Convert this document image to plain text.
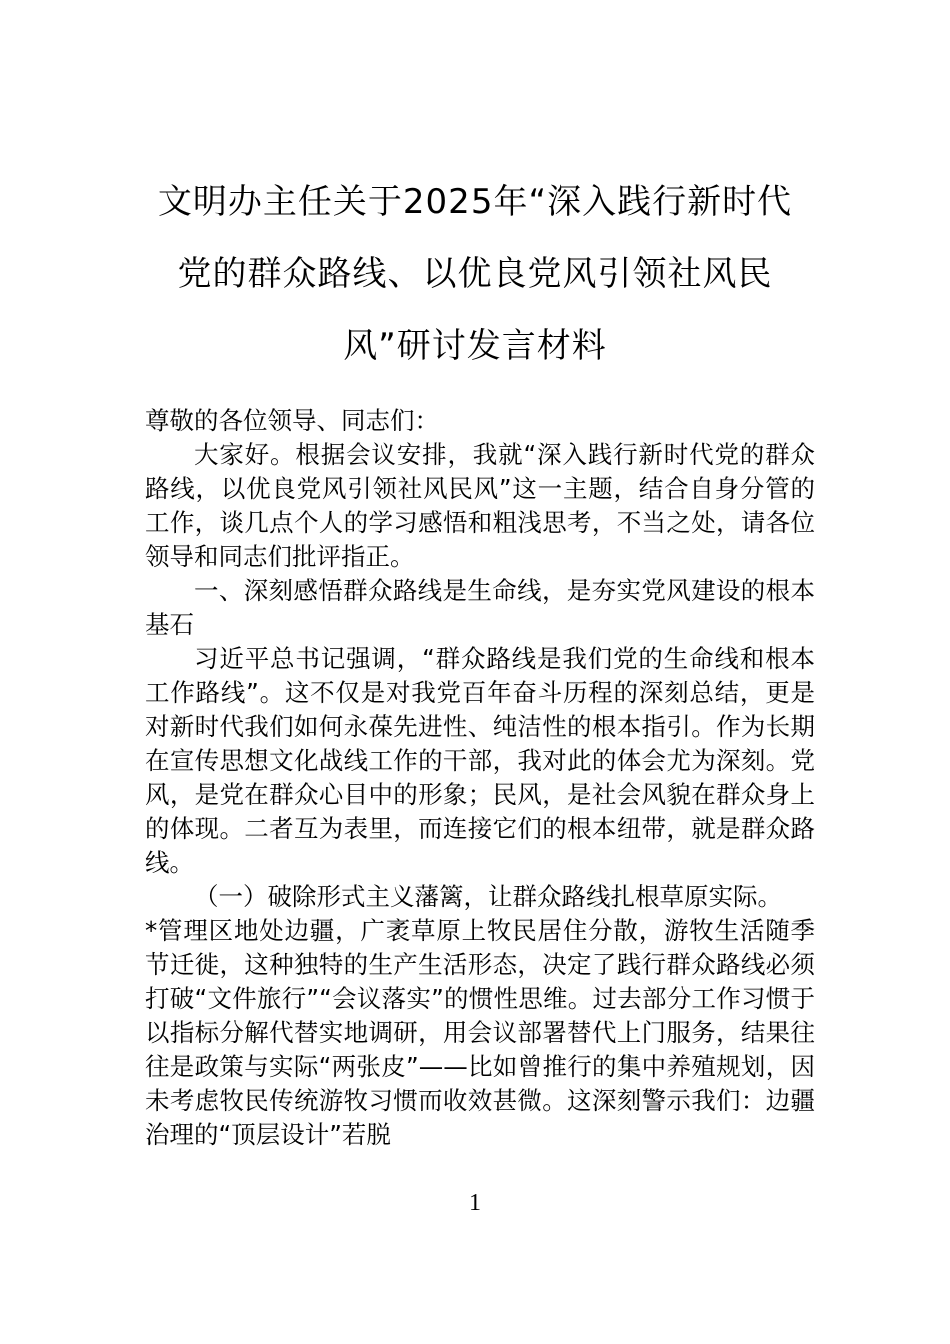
文明办主任关于2025年“深入践行新时代
党的群众路线、以优良党风引领社风民
风”研讨发言材料

尊敬的各位领导、同志们：

大家好。根据会议安排，我就“深入践行新时代党的群众路线，以优良党风引领社风民风”这一主题，结合自身分管的工作，谈几点个人的学习感悟和粗浅思考，不当之处，请各位领导和同志们批评指正。

一、深刻感悟群众路线是生命线，是夯实党风建设的根本基石

习近平总书记强调，“群众路线是我们党的生命线和根本工作路线”。这不仅是对我党百年奋斗历程的深刻总结，更是对新时代我们如何永葆先进性、纯洁性的根本指引。作为长期在宣传思想文化战线工作的干部，我对此的体会尤为深刻。党风，是党在群众心目中的形象；民风，是社会风貌在群众身上的体现。二者互为表里，而连接它们的根本纽带，就是群众路线。

（一）破除形式主义藩篱，让群众路线扎根草原实际。

*管理区地处边疆，广袤草原上牧民居住分散，游牧生活随季节迁徙，这种独特的生产生活形态，决定了践行群众路线必须打破“文件旅行”“会议落实”的惯性思维。过去部分工作习惯于以指标分解代替实地调研，用会议部署替代上门服务，结果往往是政策与实际“两张皮”——比如曾推行的集中养殖规划，因未考虑牧民传统游牧习惯而收效甚微。这深刻警示我们：边疆治理的“顶层设计”若脱

1
